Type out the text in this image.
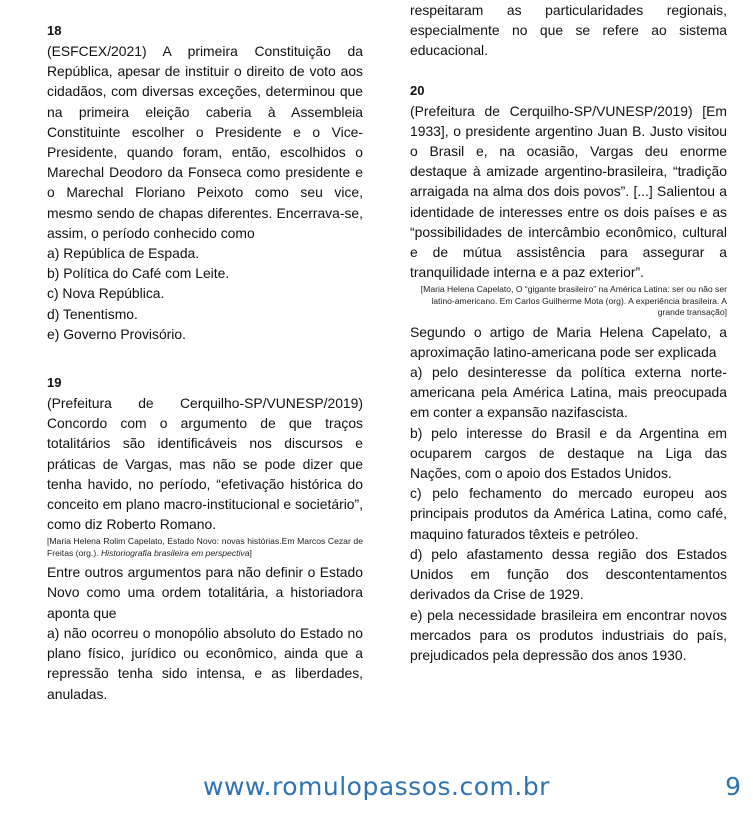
18
(ESFCEX/2021) A primeira Constituição da República, apesar de instituir o direito de voto aos cidadãos, com diversas exceções, determinou que na primeira eleição caberia à Assembleia Constituinte escolher o Presidente e o Vice-Presidente, quando foram, então, escolhidos o Marechal Deodoro da Fonseca como presidente e o Marechal Floriano Peixoto como seu vice, mesmo sendo de chapas diferentes. Encerrava-se, assim, o período conhecido como
a) República de Espada.
b) Política do Café com Leite.
c) Nova República.
d) Tenentismo.
e) Governo Provisório.
19
(Prefeitura de Cerquilho-SP/VUNESP/2019) Concordo com o argumento de que traços totalitários são identificáveis nos discursos e práticas de Vargas, mas não se pode dizer que tenha havido, no período, “efetivação histórica do conceito em plano macro-institucional e societário”, como diz Roberto Romano.
[Maria Helena Rolim Capelato, Estado Novo: novas histórias.Em Marcos Cezar de Freitas (org.). Historiografia brasileira em perspectiva]
Entre outros argumentos para não definir o Estado Novo como uma ordem totalitária, a historiadora aponta que
a) não ocorreu o monopólio absoluto do Estado no plano físico, jurídico ou econômico, ainda que a repressão tenha sido intensa, e as liberdades, anuladas.
respeitaram as particularidades regionais, especialmente no que se refere ao sistema educacional.
20
(Prefeitura de Cerquilho-SP/VUNESP/2019) [Em 1933], o presidente argentino Juan B. Justo visitou o Brasil e, na ocasião, Vargas deu enorme destaque à amizade argentino-brasileira, “tradição arraigada na alma dos dois povos”. [...] Salientou a identidade de interesses entre os dois países e as “possibilidades de intercâmbio econômico, cultural e de mútua assistência para assegurar a tranquilidade interna e a paz exterior”.
[Maria Helena Capelato, O “gigante brasileiro” na América Latina: ser ou não ser latino-americano. Em Carlos Guilherme Mota (org). A experiência brasileira. A grande transação]
Segundo o artigo de Maria Helena Capelato, a aproximação latino-americana pode ser explicada
a) pelo desinteresse da política externa norte-americana pela América Latina, mais preocupada em conter a expansão nazifascista.
b) pelo interesse do Brasil e da Argentina em ocuparem cargos de destaque na Liga das Nações, com o apoio dos Estados Unidos.
c) pelo fechamento do mercado europeu aos principais produtos da América Latina, como café, maquino faturados têxteis e petróleo.
d) pelo afastamento dessa região dos Estados Unidos em função dos descontentamentos derivados da Crise de 1929.
e) pela necessidade brasileira em encontrar novos mercados para os produtos industriais do país, prejudicados pela depressão dos anos 1930.
www.romulopassos.com.br	9
